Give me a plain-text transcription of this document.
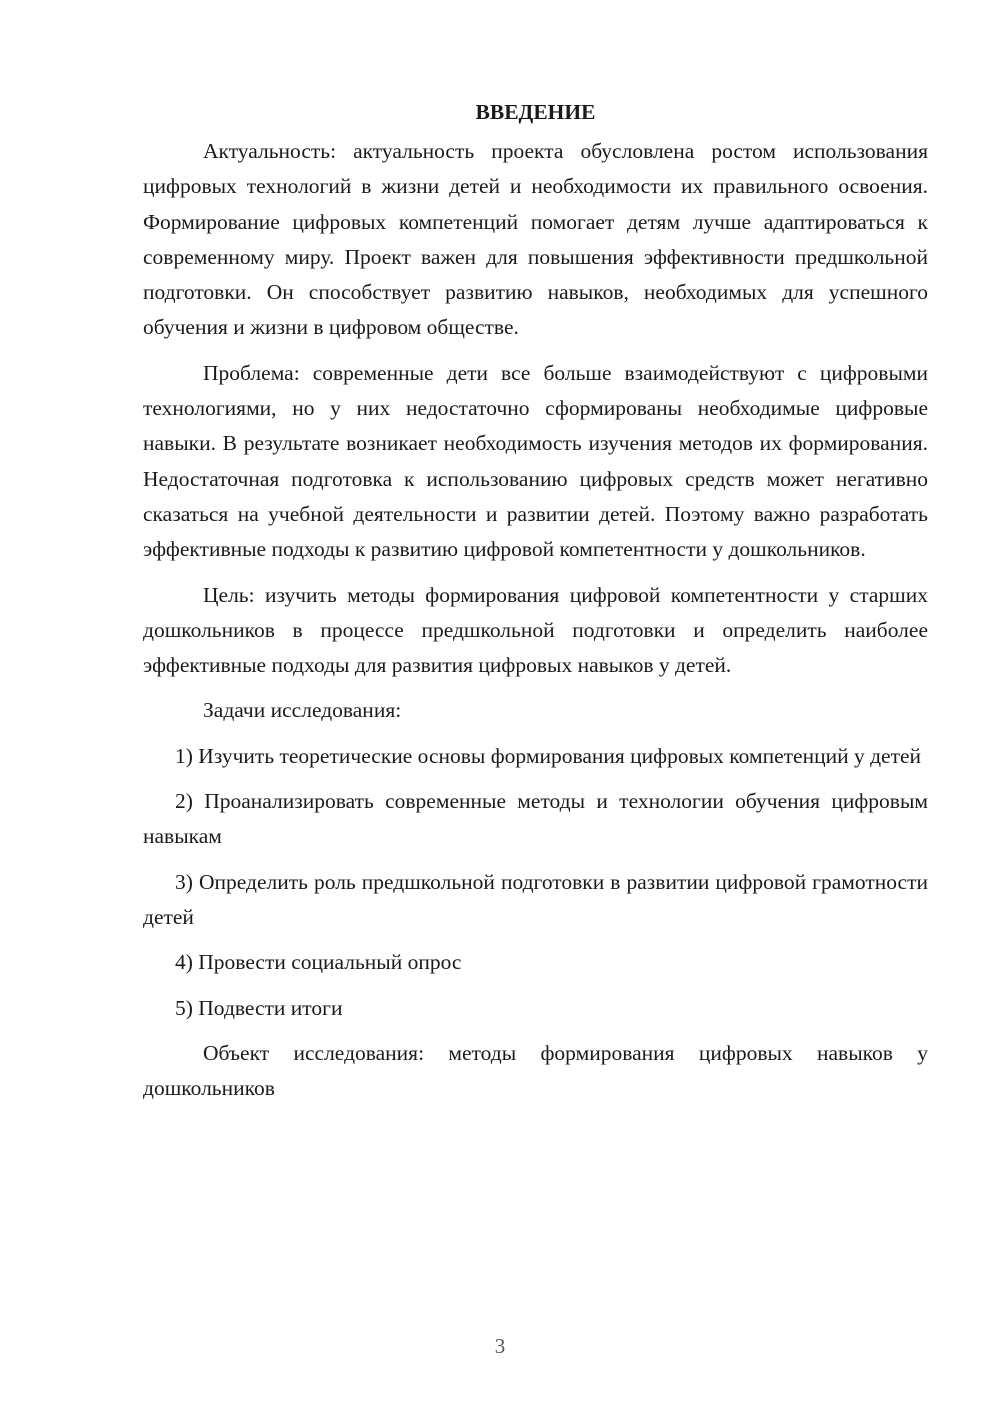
ВВЕДЕНИЕ

Актуальность: актуальность проекта обусловлена ростом использования цифровых технологий в жизни детей и необходимости их правильного освоения. Формирование цифровых компетенций помогает детям лучше адаптироваться к современному миру. Проект важен для повышения эффективности предшкольной подготовки. Он способствует развитию навыков, необходимых для успешного обучения и жизни в цифровом обществе.

Проблема: современные дети все больше взаимодействуют с цифровыми технологиями, но у них недостаточно сформированы необходимые цифровые навыки. В результате возникает необходимость изучения методов их формирования. Недостаточная подготовка к использованию цифровых средств может негативно сказаться на учебной деятельности и развитии детей. Поэтому важно разработать эффективные подходы к развитию цифровой компетентности у дошкольников.

Цель: изучить методы формирования цифровой компетентности у старших дошкольников в процессе предшкольной подготовки и определить наиболее эффективные подходы для развития цифровых навыков у детей.

Задачи исследования:

1) Изучить теоретические основы формирования цифровых компетенций у детей

2) Проанализировать современные методы и технологии обучения цифровым навыкам

3) Определить роль предшкольной подготовки в развитии цифровой грамотности детей

4) Провести социальный опрос

5) Подвести итоги

Объект исследования: методы формирования цифровых навыков у дошкольников

3
